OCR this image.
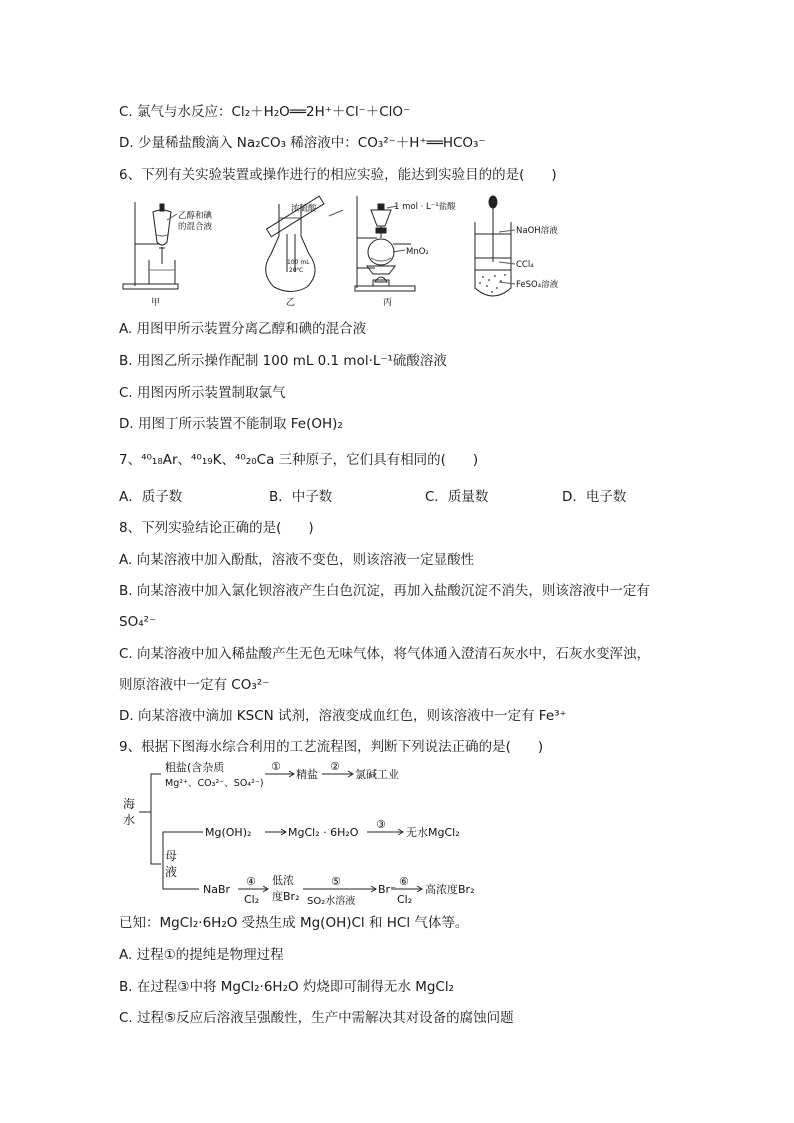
C. 氯气与水反应：Cl₂＋H₂O══2H⁺＋Cl⁻＋ClO⁻
D. 少量稀盐酸滴入 Na₂CO₃ 稀溶液中：CO₃²⁻＋H⁺══HCO₃⁻
6、下列有关实验装置或操作进行的相应实验，能达到实验目的的是(　　)
乙醇和碘
的混合液
100 mL
20℃
浓硫酸	1 mol · L⁻¹盐酸
MnO₂
NaOH溶液
CCl₄
FeSO₄溶液
甲	乙	丙
A. 用图甲所示装置分离乙醇和碘的混合液
B. 用图乙所示操作配制 100 mL 0.1 mol·L⁻¹硫酸溶液
C. 用图丙所示装置制取氯气
D. 用图丁所示装置不能制取 Fe(OH)₂
7、⁴⁰₁₈Ar、⁴⁰₁₉K、⁴⁰₂₀Ca 三种原子，它们具有相同的(　　)
A．质子数	B．中子数	C．质量数	D．电子数
8、下列实验结论正确的是(　　)
A. 向某溶液中加入酚酞，溶液不变色，则该溶液一定显酸性
B. 向某溶液中加入氯化钡溶液产生白色沉淀，再加入盐酸沉淀不消失，则该溶液中一定有
SO₄²⁻
C. 向某溶液中加入稀盐酸产生无色无味气体，将气体通入澄清石灰水中，石灰水变浑浊，
则原溶液中一定有 CO₃²⁻
D. 向某溶液中滴加 KSCN 试剂，溶液变成血红色，则该溶液中一定有 Fe³⁺
9、根据下图海水综合利用的工艺流程图，判断下列说法正确的是(　　)
海
水
粗盐(含杂质
Mg²⁺、CO₃²⁻、SO₄²⁻)
①
精盐
②
氯碱工业
母
液
Mg(OH)₂	MgCl₂ · 6H₂O
③
无水MgCl₂
NaBr
④
Cl₂
低浓
度Br₂
⑤
SO₂水溶液
Br⁻
⑥
Cl₂
高浓度Br₂
已知：MgCl₂·6H₂O 受热生成 Mg(OH)Cl 和 HCl 气体等。
A. 过程①的提纯是物理过程
B. 在过程③中将 MgCl₂·6H₂O 灼烧即可制得无水 MgCl₂
C. 过程⑤反应后溶液呈强酸性，生产中需解决其对设备的腐蚀问题
